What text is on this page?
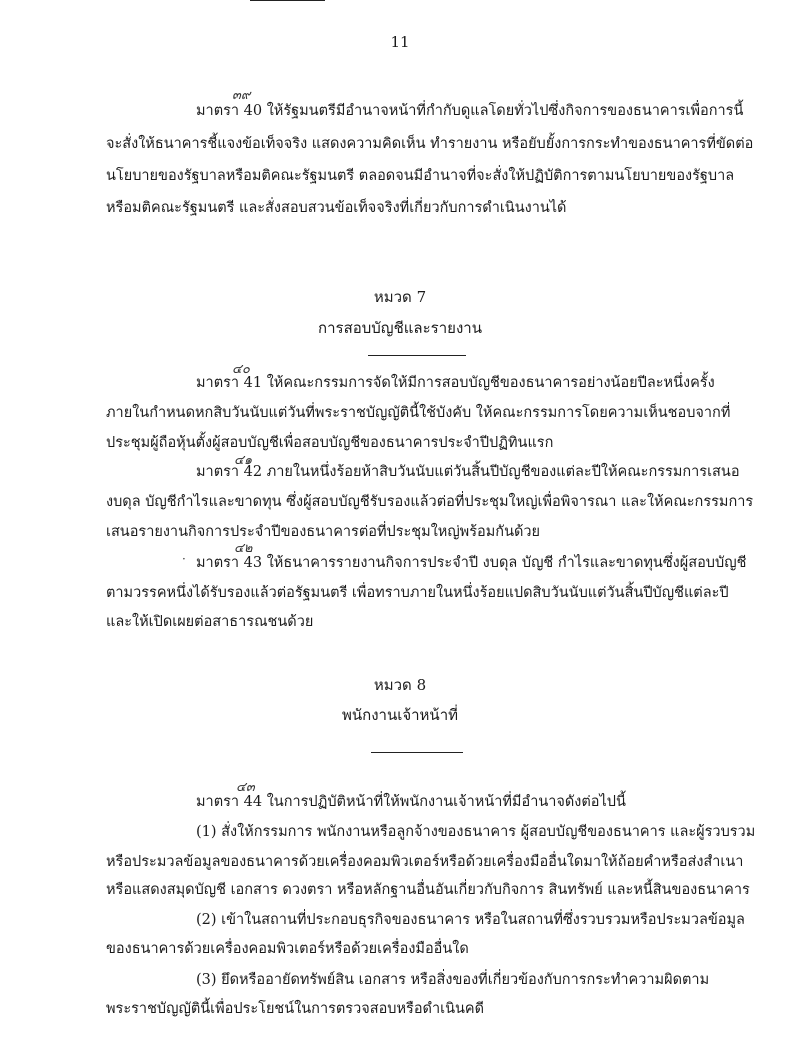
11
๓๙
มาตรา 40 ให้รัฐมนตรีมีอำนาจหน้าที่กำกับดูแลโดยทั่วไปซึ่งกิจการของธนาคารเพื่อการนี้
จะสั่งให้ธนาคารชี้แจงข้อเท็จจริง แสดงความคิดเห็น ทำรายงาน หรือยับยั้งการกระทำของธนาคารที่ขัดต่อ
นโยบายของรัฐบาลหรือมติคณะรัฐมนตรี ตลอดจนมีอำนาจที่จะสั่งให้ปฏิบัติการตามนโยบายของรัฐบาล
หรือมติคณะรัฐมนตรี และสั่งสอบสวนข้อเท็จจริงที่เกี่ยวกับการดำเนินงานได้
หมวด 7
การสอบบัญชีและรายงาน
๔๐
มาตรา 41 ให้คณะกรรมการจัดให้มีการสอบบัญชีของธนาคารอย่างน้อยปีละหนึ่งครั้ง
ภายในกำหนดหกสิบวันนับแต่วันที่พระราชบัญญัตินี้ใช้บังคับ ให้คณะกรรมการโดยความเห็นชอบจากที่
ประชุมผู้ถือหุ้นตั้งผู้สอบบัญชีเพื่อสอบบัญชีของธนาคารประจำปีปฏิทินแรก
๔๑
มาตรา 42 ภายในหนึ่งร้อยห้าสิบวันนับแต่วันสิ้นปีบัญชีของแต่ละปีให้คณะกรรมการเสนอ
งบดุล บัญชีกำไรและขาดทุน ซึ่งผู้สอบบัญชีรับรองแล้วต่อที่ประชุมใหญ่เพื่อพิจารณา และให้คณะกรรมการ
เสนอรายงานกิจการประจำปีของธนาคารต่อที่ประชุมใหญ่พร้อมกันด้วย
·
๔๒
มาตรา 43 ให้ธนาคารรายงานกิจการประจำปี งบดุล บัญชี กำไรและขาดทุนซึ่งผู้สอบบัญชี
ตามวรรคหนึ่งได้รับรองแล้วต่อรัฐมนตรี เพื่อทราบภายในหนึ่งร้อยแปดสิบวันนับแต่วันสิ้นปีบัญชีแต่ละปี
และให้เปิดเผยต่อสาธารณชนด้วย
หมวด 8
พนักงานเจ้าหน้าที่
๔๓
มาตรา 44 ในการปฏิบัติหน้าที่ให้พนักงานเจ้าหน้าที่มีอำนาจดังต่อไปนี้
(1) สั่งให้กรรมการ พนักงานหรือลูกจ้างของธนาคาร ผู้สอบบัญชีของธนาคาร และผู้รวบรวม
หรือประมวลข้อมูลของธนาคารด้วยเครื่องคอมพิวเตอร์หรือด้วยเครื่องมืออื่นใดมาให้ถ้อยคำหรือส่งสำเนา
หรือแสดงสมุดบัญชี เอกสาร ดวงตรา หรือหลักฐานอื่นอันเกี่ยวกับกิจการ สินทรัพย์ และหนี้สินของธนาคาร
(2) เข้าในสถานที่ประกอบธุรกิจของธนาคาร หรือในสถานที่ซึ่งรวบรวมหรือประมวลข้อมูล
ของธนาคารด้วยเครื่องคอมพิวเตอร์หรือด้วยเครื่องมืออื่นใด
(3) ยึดหรืออายัดทรัพย์สิน เอกสาร หรือสิ่งของที่เกี่ยวข้องกับการกระทำความผิดตาม
พระราชบัญญัตินี้เพื่อประโยชน์ในการตรวจสอบหรือดำเนินคดี
